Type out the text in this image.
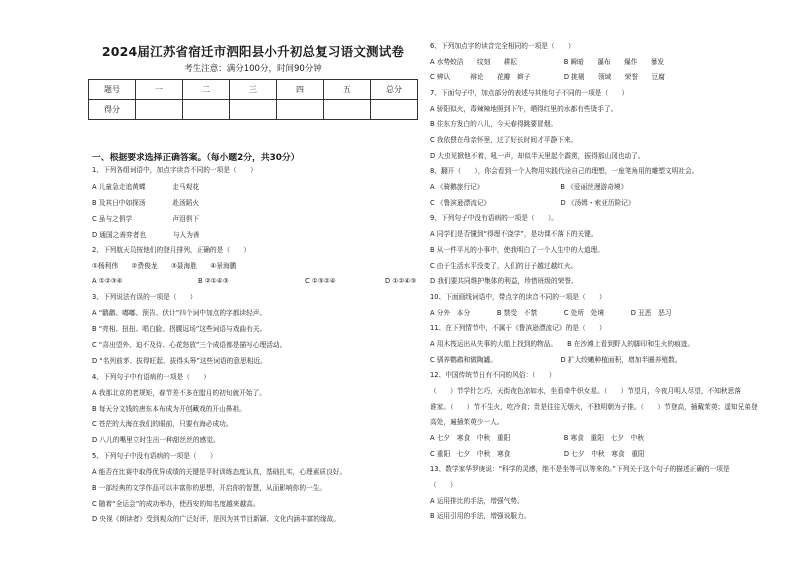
2024届江苏省宿迁市泗阳县小升初总复习语文测试卷
考生注意：满分100分，时间90分钟
题号	一	二	三	四	五	总分
得分						
一、根据要求选择正确答案。（每小题2分，共30分）
1、下列各组词语中，加点字读音不同的一项是（　　）
A 儿童急走追黄蝶　　　　走马观花
B 及其日中如探汤　　　　赴汤蹈火
C 虽与之俱学　　　　　　声泪俱下
D 通国之善弈者也　　　　与人为善
2、下列航天员按他们的登月排列，正确的是（　　）
①杨利伟　　②费俊龙　　③聂海胜　　④景海鹏
A ①②③④	B ②①④③	C ①③②④	D ①②④③
3、下列说法有误的一项是（　　）
A “鹳鹳、嘟嘟、预告、伏计”四个词中加点的字都读轻声。
B “亮相、扭扭、唱白脸、拐腰逗场”这些词语与戏曲有关。
C “喜出望外、迫不及待、心花怒放”三个成语都是描写心理活动。
D “名列前茅、拔得旺起、拔得头筹”这些词语的意思相近。
4、下列句子中有语病的一项是（　　）
A 我那北京的老规矩，春节差不多在腊月的初旬就开始了。
B 每天分文钱的唐东本布成为开创藏戏的开山鼻祖。
C 苍茫的大海在我们的眼前，只要有海必成功。
D 八儿的嘴里立时生出一种甜丝丝的感觉。
5、下列句子中没有语病的一项是（　　）
A 能否在比赛中取得优异成绩的关键是平时训练态度认真，基础扎实，心理素质良好。
B 一部经典的文学作品可以丰富你的思想，开启你的智慧，从而影响你的一生。
C 随着“全运会”的成功举办，使西安的知名度越来越高。
D 央视《朗读者》受到观众的广泛好评，是因为其节目新颖、文化内涵丰富的缘故。
6、下列加点字的读音完全相同的一项是（　　）
A 水势蛟洁　　纹刻　　耕耘　　　　　　　B 瞬暗　　瀑布　　爆作　　暴发
C 辨认　　　辩论　　花瓣　辫子　　　　　D 挑剔　　领域　　荣誉　　豆腐
7、下面句子中，加点部分的表述与其他句子不同的一项是（　　）
A 骄阳似火，毒辣辣地照到下午，晒得红里的水都有些烫手了。
B 住东方发白的八儿，今天春得跳要冒烟。
C 我依偎在母亲怀里，过了好长时间才平静下来。
D 大虫见掀他不着，吼一声，却似半天里起个霹雳，振得那山冈也动了。
8、翻开（　　），你会看到一个人物用实践代诠自己的理想，一座笔角用的雕塑文明社会。
A 《骑鹅旅行记》　　　　　　　　　　　　B 《爱丽丝漫游奇境》
C 《鲁滨逊漂流记》　　　　　　　　　　　D 《汤姆・索亚历险记》
9、下列句子中没有语病的一项是（　　）。
A 同学们是否懂到“得理不饶学”，是功课不落下的关键。
B 从一件平凡的小事中，使我明白了一个人生中的大道理。
C 由于生活水平没变了，人们的日子越过越红火。
D 我们要共同维护集体的利益，珍惜班级的荣誉。
10、下面画线词语中，带点字的读音不同的一项是（　　）
A 分外　本分　　　　B 禁受　不禁　　　　C 处所　处境　　　　D 丑恶　恶习
11、在下列情节中，不属于《鲁滨逊漂流记》的是（　　）
A 用木筏运出从失事的大船上找到的物品。　　B 在沙滩上看到野人的脚印和生火的痕迹。
C 驯养鹦鹉和做陶罐。　　　　　　　　　　D 扩大绞嫩种植面积，增加半圈养殖数。
12、中国传统节日有不同的风俗：（　　）
（　　）节学针乞巧，天街夜色凉如水，坐看牵牛织女星。（　　）节望月，今夜月明人尽望，不知秋思落
谁家。（　　）节不生火，吃冷食；贵是往往无烟火，不独明朝为子推。（　　）节登高，插戴茱萸；遥知兄弟登
高处，遍插茱萸少一人。
A 七夕　寒食　中秋　重阳　　　　　　　　B 寒食　重阳　七夕　中秋
C 重阳　七夕　中秋　寒食　　　　　　　　D 七夕　中秋　寒食　重阳
13、数学家华罗庚说：“科学的灵感，绝不是坐等可以等来的。”下列关于这个句子的描述正确的一项是
（　　）
A 运用排比的手法，增强气势。
B 运用引用的手法，增强说服力。
